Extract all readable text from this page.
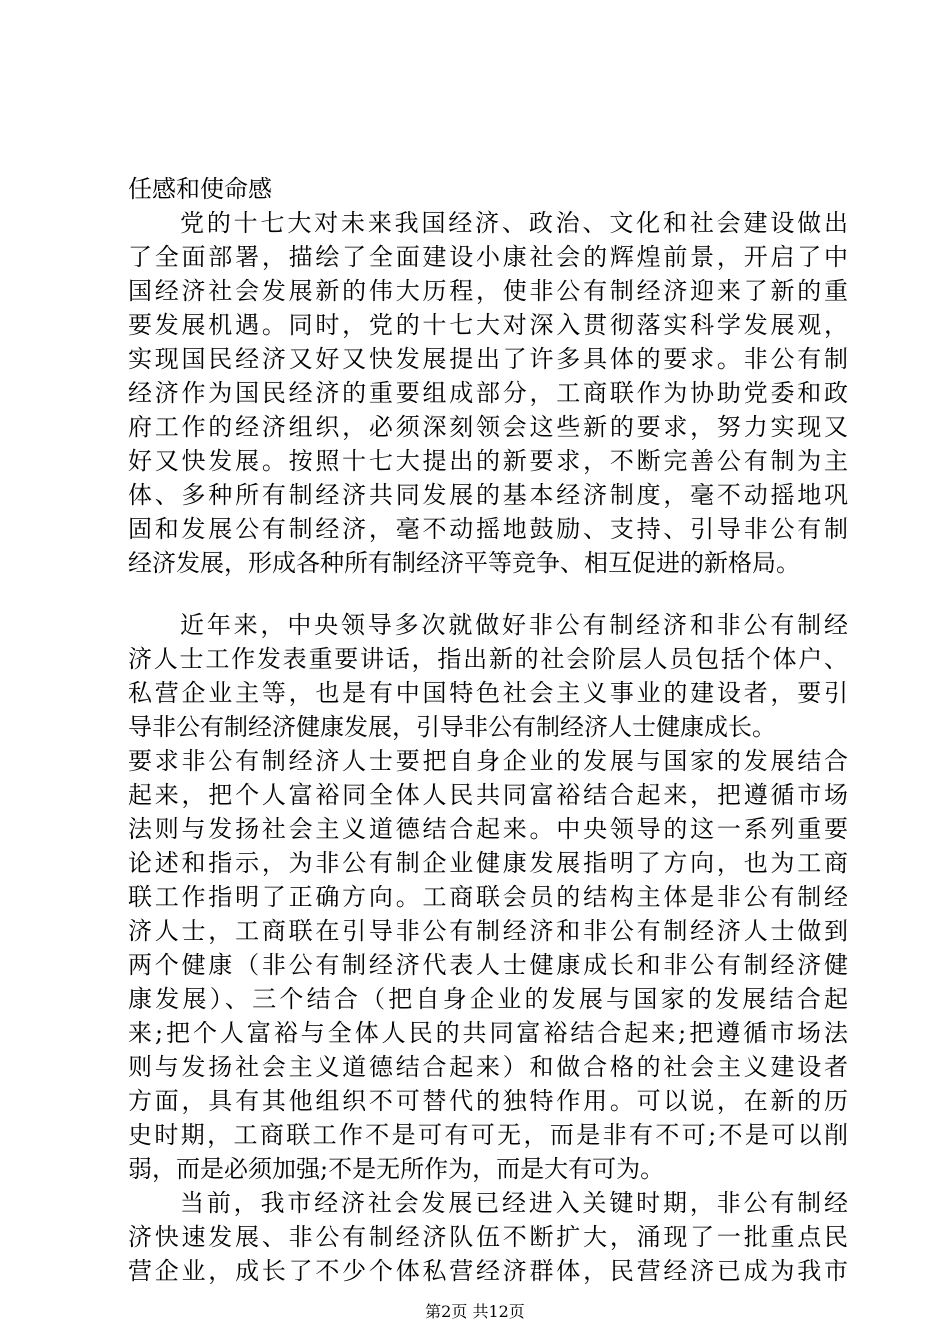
任感和使命感
党的十七大对未来我国经济、政治、文化和社会建设做出
了全面部署，描绘了全面建设小康社会的辉煌前景，开启了中
国经济社会发展新的伟大历程，使非公有制经济迎来了新的重
要发展机遇。同时，党的十七大对深入贯彻落实科学发展观，
实现国民经济又好又快发展提出了许多具体的要求。非公有制
经济作为国民经济的重要组成部分，工商联作为协助党委和政
府工作的经济组织，必须深刻领会这些新的要求，努力实现又
好又快发展。按照十七大提出的新要求，不断完善公有制为主
体、多种所有制经济共同发展的基本经济制度，毫不动摇地巩
固和发展公有制经济，毫不动摇地鼓励、支持、引导非公有制
经济发展，形成各种所有制经济平等竞争、相互促进的新格局。
近年来，中央领导多次就做好非公有制经济和非公有制经
济人士工作发表重要讲话，指出新的社会阶层人员包括个体户、
私营企业主等，也是有中国特色社会主义事业的建设者，要引
导非公有制经济健康发展，引导非公有制经济人士健康成长。
要求非公有制经济人士要把自身企业的发展与国家的发展结合
起来，把个人富裕同全体人民共同富裕结合起来，把遵循市场
法则与发扬社会主义道德结合起来。中央领导的这一系列重要
论述和指示，为非公有制企业健康发展指明了方向，也为工商
联工作指明了正确方向。工商联会员的结构主体是非公有制经
济人士，工商联在引导非公有制经济和非公有制经济人士做到
两个健康（非公有制经济代表人士健康成长和非公有制经济健
康发展）、三个结合（把自身企业的发展与国家的发展结合起
来;把个人富裕与全体人民的共同富裕结合起来;把遵循市场法
则与发扬社会主义道德结合起来）和做合格的社会主义建设者
方面，具有其他组织不可替代的独特作用。可以说，在新的历
史时期，工商联工作不是可有可无，而是非有不可;不是可以削
弱，而是必须加强;不是无所作为，而是大有可为。
当前，我市经济社会发展已经进入关键时期，非公有制经
济快速发展、非公有制经济队伍不断扩大，涌现了一批重点民
营企业，成长了不少个体私营经济群体，民营经济已成为我市
第2页 共12页
